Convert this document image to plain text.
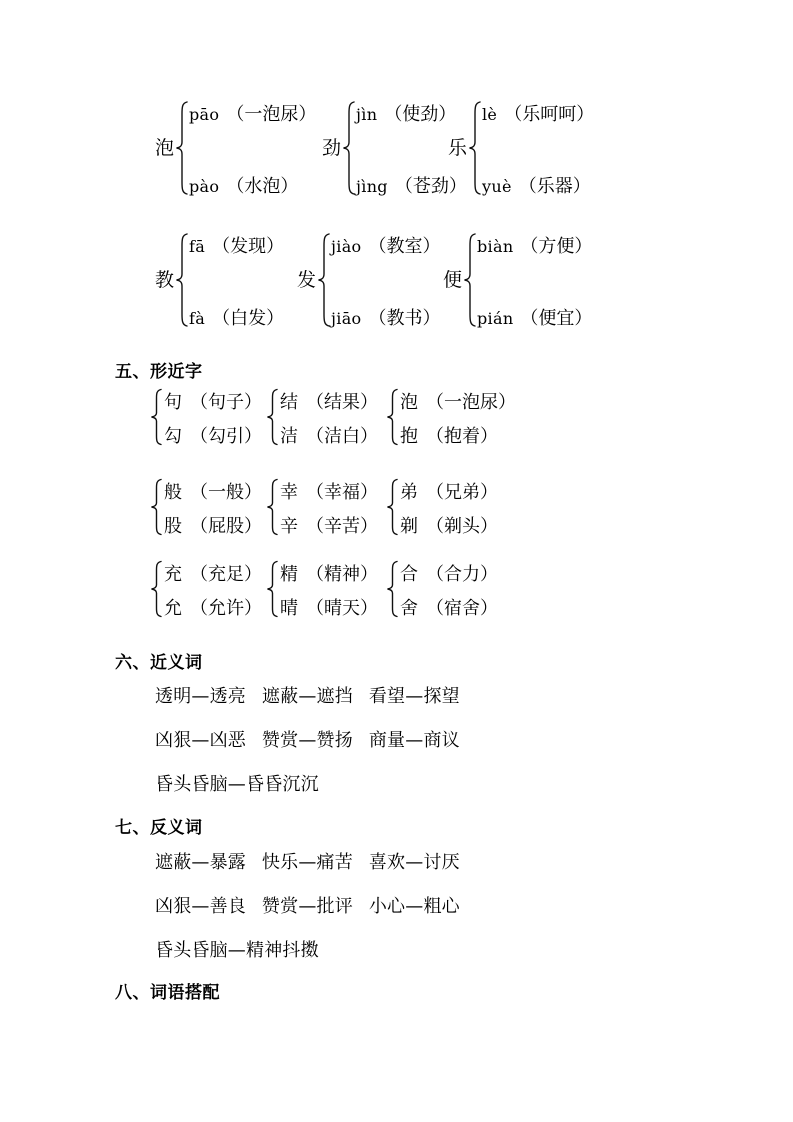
泡
pāo （一泡尿）
pào （水泡）
劲
jìn （使劲）
jìng （苍劲）
乐
lè （乐呵呵）
yuè （乐器）
教
fā （发现）
fà （白发）
发
jiào （教室）
jiāo （教书）
便
biàn （方便）
pián （便宜）
五、形近字
句 （句子）
勾 （勾引）
结 （结果）
洁 （洁白）
泡 （一泡尿）
抱 （抱着）
般 （一般）
股 （屁股）
幸 （幸福）
辛 （辛苦）
弟 （兄弟）
剃 （剃头）
充 （充足）
允 （允许）
精 （精神）
晴 （晴天）
合 （合力）
舍 （宿舍）
六、近义词
透明—透亮 遮蔽—遮挡 看望—探望
凶狠—凶恶 赞赏—赞扬 商量—商议
昏头昏脑—昏昏沉沉
七、反义词
遮蔽—暴露 快乐—痛苦 喜欢—讨厌
凶狠—善良 赞赏—批评 小心—粗心
昏头昏脑—精神抖擞
八、词语搭配
